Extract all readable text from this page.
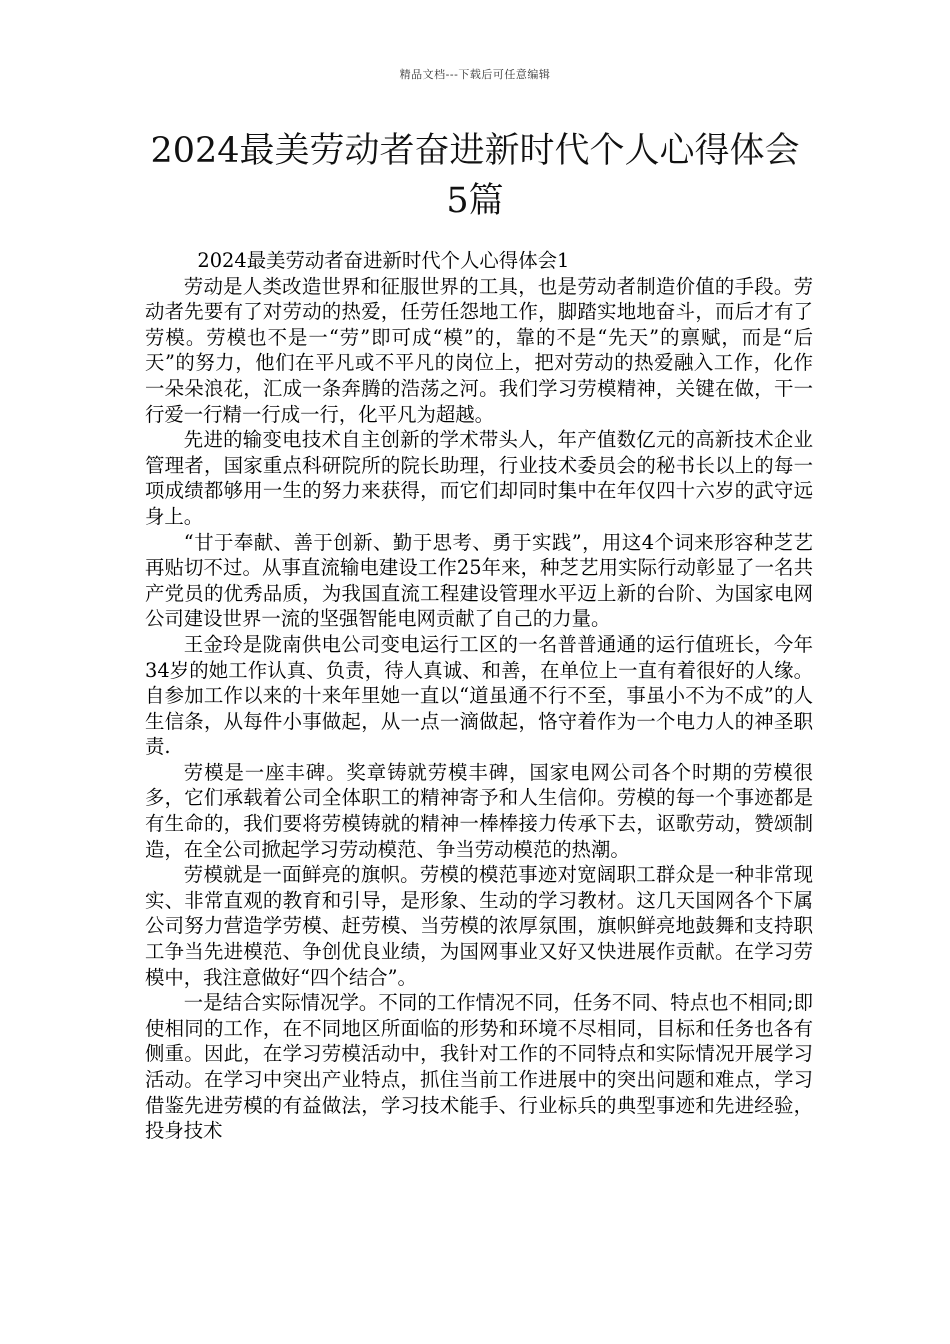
精品文档---下载后可任意编辑
2024最美劳动者奋进新时代个人心得体会
5篇

2024最美劳动者奋进新时代个人心得体会1

劳动是人类改造世界和征服世界的工具，也是劳动者制造价值的手段。劳动者先要有了对劳动的热爱，任劳任怨地工作，脚踏实地地奋斗，而后才有了劳模。劳模也不是一“劳”即可成“模”的，靠的不是“先天”的禀赋，而是“后天”的努力，他们在平凡或不平凡的岗位上，把对劳动的热爱融入工作，化作一朵朵浪花，汇成一条奔腾的浩荡之河。我们学习劳模精神，关键在做，干一行爱一行精一行成一行，化平凡为超越。

先进的输变电技术自主创新的学术带头人，年产值数亿元的高新技术企业管理者，国家重点科研院所的院长助理，行业技术委员会的秘书长以上的每一项成绩都够用一生的努力来获得，而它们却同时集中在年仅四十六岁的武守远身上。

“甘于奉献、善于创新、勤于思考、勇于实践”，用这4个词来形容种芝艺再贴切不过。从事直流输电建设工作25年来，种芝艺用实际行动彰显了一名共产党员的优秀品质，为我国直流工程建设管理水平迈上新的台阶、为国家电网公司建设世界一流的坚强智能电网贡献了自己的力量。

王金玲是陇南供电公司变电运行工区的一名普普通通的运行值班长，今年34岁的她工作认真、负责，待人真诚、和善，在单位上一直有着很好的人缘。自参加工作以来的十来年里她一直以“道虽通不行不至，事虽小不为不成”的人生信条，从每件小事做起，从一点一滴做起，恪守着作为一个电力人的神圣职责.

劳模是一座丰碑。奖章铸就劳模丰碑，国家电网公司各个时期的劳模很多，它们承载着公司全体职工的精神寄予和人生信仰。劳模的每一个事迹都是有生命的，我们要将劳模铸就的精神一棒棒接力传承下去，讴歌劳动，赞颂制造，在全公司掀起学习劳动模范、争当劳动模范的热潮。

劳模就是一面鲜亮的旗帜。劳模的模范事迹对宽阔职工群众是一种非常现实、非常直观的教育和引导，是形象、生动的学习教材。这几天国网各个下属公司努力营造学劳模、赶劳模、当劳模的浓厚氛围，旗帜鲜亮地鼓舞和支持职工争当先进模范、争创优良业绩，为国网事业又好又快进展作贡献。在学习劳模中，我注意做好“四个结合”。

一是结合实际情况学。不同的工作情况不同，任务不同、特点也不相同;即使相同的工作，在不同地区所面临的形势和环境不尽相同，目标和任务也各有侧重。因此，在学习劳模活动中，我针对工作的不同特点和实际情况开展学习活动。在学习中突出产业特点，抓住当前工作进展中的突出问题和难点，学习借鉴先进劳模的有益做法，学习技术能手、行业标兵的典型事迹和先进经验，投身技术
